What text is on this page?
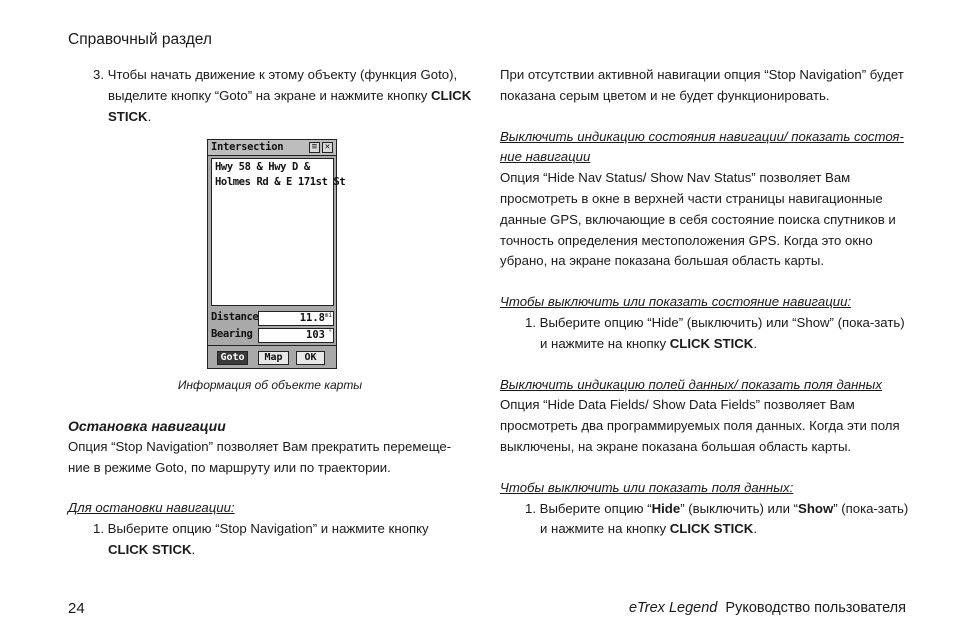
Справочный раздел
3. Чтобы начать движение к этому объекту (функция Goto), выделите кнопку “Goto” на экране и нажмите кнопку CLICK STICK.
Intersection	≡ ✕
Hwy 58 & Hwy D &
Holmes Rd & E 171st St
Distance	11.8 mi
Bearing	103 °
Goto	Map	OK
Информация об объекте карты
Остановка навигации
Опция “Stop Navigation” позволяет Вам прекратить перемеще-ние в режиме Goto, по маршруту или по траектории.
Для остановки навигации:
1. Выберите опцию “Stop Navigation” и нажмите кнопку CLICK STICK.
При отсутствии активной навигации опция “Stop Navigation” будет показана серым цветом и не будет функционировать.
Выключить индикацию состояния навигации/ показать состоя-ние навигации
Опция “Hide Nav Status/ Show Nav Status” позволяет Вам просмотреть в окне в верхней части страницы навигационные данные GPS, включающие в себя состояние поиска спутников и точность определения местоположения GPS. Когда это окно убрано, на экране показана большая область карты.
Чтобы выключить или показать состояние навигации:
1. Выберите опцию “Hide” (выключить) или “Show” (пока-зать) и нажмите на кнопку CLICK STICK.
Выключить индикацию полей данных/ показать поля данных
Опция “Hide Data Fields/ Show Data Fields” позволяет Вам просмотреть два программируемых поля данных. Когда эти поля выключены, на экране показана большая область карты.
Чтобы выключить или показать поля данных:
1. Выберите опцию “Hide” (выключить) или “Show” (пока-зать) и нажмите на кнопку CLICK STICK.
24	eTrex Legend Руководство пользователя
